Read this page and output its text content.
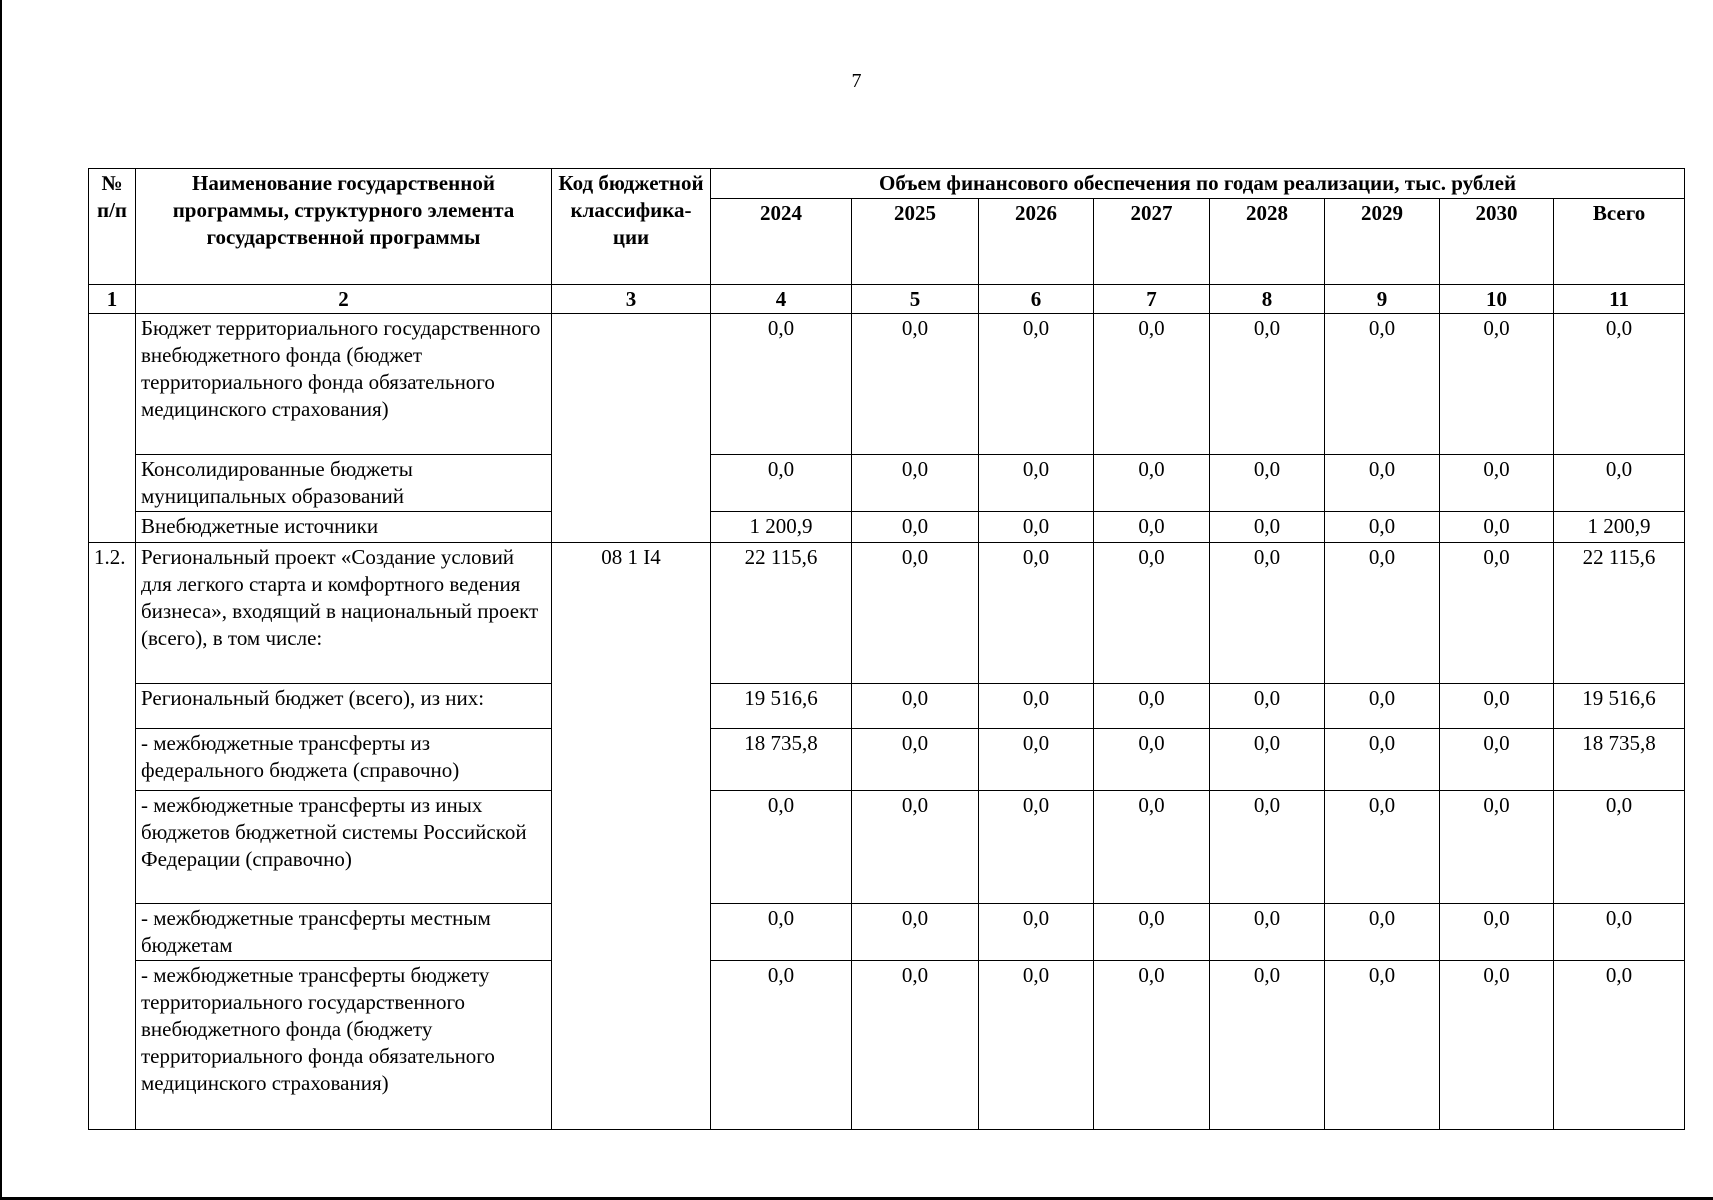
7
№ п/п	Наименование государственной программы, структурного элемента государственной программы	Код бюджетной классифика-ции	Объем финансового обеспечения по годам реализации, тыс. рублей							
			2024	2025	2026	2027	2028	2029	2030	Всего
1	2	3	4	5	6	7	8	9	10	11
	Бюджет территориального государственного внебюджетного фонда (бюджет территориального фонда обязательного медицинского страхования)		0,0	0,0	0,0	0,0	0,0	0,0	0,0	0,0
	Консолидированные бюджеты муниципальных образований		0,0	0,0	0,0	0,0	0,0	0,0	0,0	0,0
	Внебюджетные источники		1 200,9	0,0	0,0	0,0	0,0	0,0	0,0	1 200,9
1.2.	Региональный проект «Создание условий для легкого старта и комфортного ведения бизнеса», входящий в национальный проект (всего), в том числе:	08 1 I4	22 115,6	0,0	0,0	0,0	0,0	0,0	0,0	22 115,6
	Региональный бюджет (всего), из них:		19 516,6	0,0	0,0	0,0	0,0	0,0	0,0	19 516,6
	- межбюджетные трансферты из федерального бюджета (справочно)		18 735,8	0,0	0,0	0,0	0,0	0,0	0,0	18 735,8
	- межбюджетные трансферты из иных бюджетов бюджетной системы Российской Федерации (справочно)		0,0	0,0	0,0	0,0	0,0	0,0	0,0	0,0
	- межбюджетные трансферты местным бюджетам		0,0	0,0	0,0	0,0	0,0	0,0	0,0	0,0
	- межбюджетные трансферты бюджету территориального государственного внебюджетного фонда (бюджету территориального фонда обязательного медицинского страхования)		0,0	0,0	0,0	0,0	0,0	0,0	0,0	0,0
